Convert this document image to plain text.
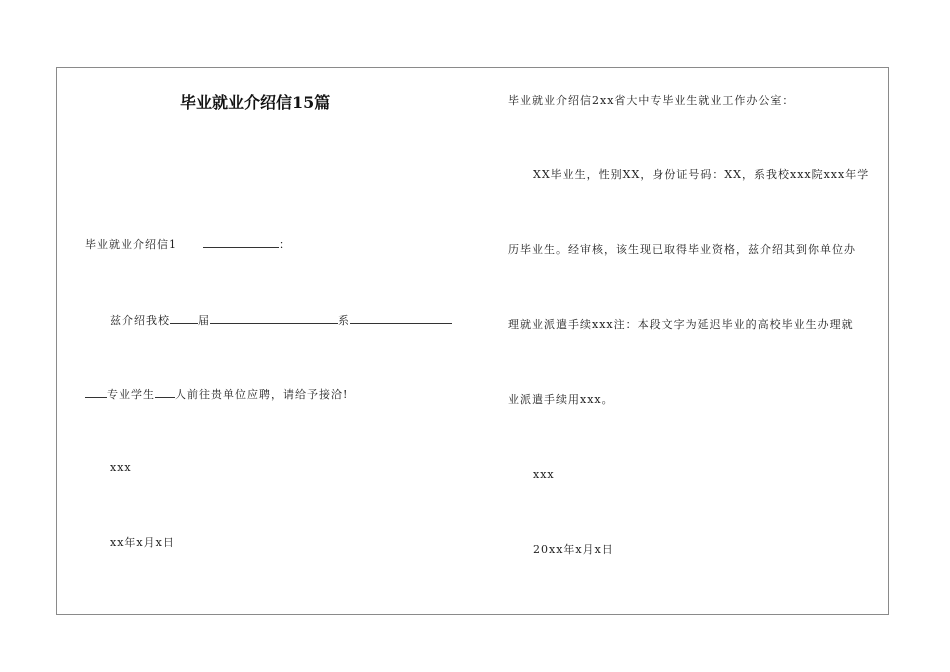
毕业就业介绍信15篇
毕业就业介绍信1	：
兹介绍我校	届	系
专业学生 人前往贵单位应聘，请给予接洽!
xxx
xx年x月x日
毕业就业介绍信2xx省大中专毕业生就业工作办公室：
XX毕业生，性别XX，身份证号码：XX，系我校xxx院xxx年学
历毕业生。经审核，该生现已取得毕业资格，兹介绍其到你单位办
理就业派遣手续xxx注：本段文字为延迟毕业的高校毕业生办理就
业派遣手续用xxx。
xxx
20xx年x月x日
